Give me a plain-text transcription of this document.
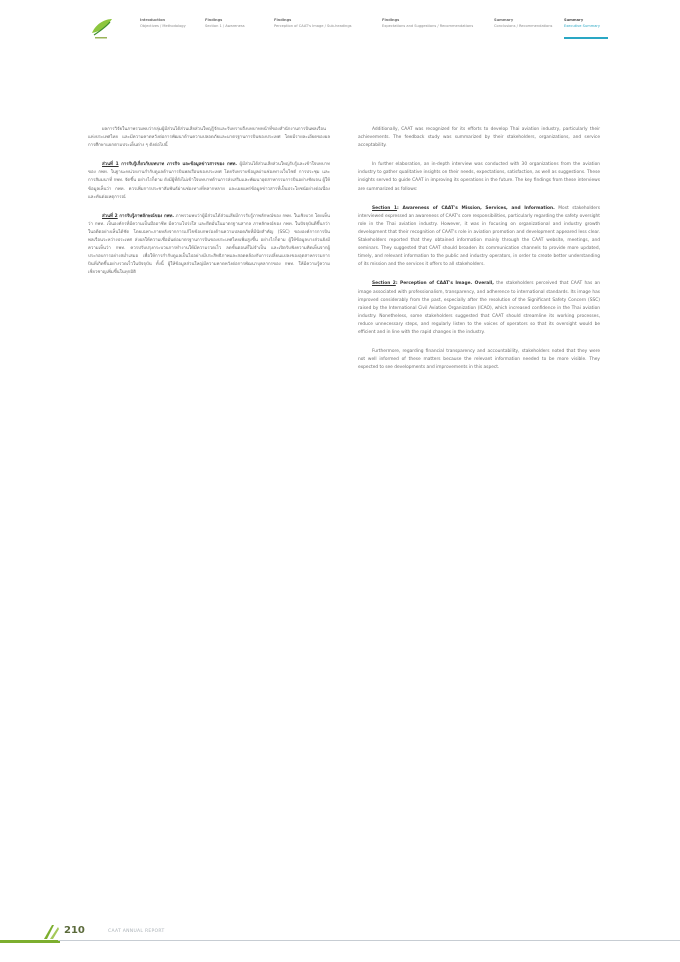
Introduction
Objectives / Methodology
Findings
Section 1 / Awareness
Findings
Perception of CAAT's Image / Sub-headings
Findings
Expectations and Suggestions / Recommendations
Summary
Conclusions / Recommendations
Summary
Executive Summary

ผลการวิจัยในภาพรวมพบว่ากลุ่มผู้มีส่วนได้ส่วนเสียส่วนใหญ่รู้จักและรับทราบถึงบทบาทหน้าที่ของสำนักงานการบินพลเรือนแห่งประเทศไทย และมีความคาดหวังต่อการพัฒนาด้านความปลอดภัยและมาตรฐานการบินของประเทศ โดยมีรายละเอียดของผลการศึกษาแยกตามประเด็นต่าง ๆ ดังต่อไปนี้

ส่วนที่ 1 การรับรู้เกี่ยวกับบทบาท ภารกิจ และข้อมูลข่าวสารของ กพท. ผู้มีส่วนได้ส่วนเสียส่วนใหญ่รับรู้และเข้าใจบทบาทของ กพท. ในฐานะหน่วยงานกำกับดูแลด้านการบินพลเรือนของประเทศ โดยรับทราบข้อมูลผ่านช่องทางเว็บไซต์ การประชุม และการสัมมนาที่ กพท. จัดขึ้น อย่างไรก็ตาม ยังมีผู้ที่ยังไม่เข้าใจบทบาทด้านการส่งเสริมและพัฒนาอุตสาหกรรมการบินอย่างชัดเจน ผู้ให้ข้อมูลเห็นว่า กพท. ควรเพิ่มการประชาสัมพันธ์ผ่านช่องทางที่หลากหลาย และเผยแพร่ข้อมูลข่าวสารที่เป็นประโยชน์อย่างต่อเนื่องและทันต่อเหตุการณ์

ส่วนที่ 2 การรับรู้ภาพลักษณ์ของ กพท. ภาพรวมพบว่าผู้มีส่วนได้ส่วนเสียมีการรับรู้ภาพลักษณ์ของ กพท. ในเชิงบวก โดยเห็นว่า กพท. เป็นองค์กรที่มีความเป็นมืออาชีพ มีความโปร่งใส และยึดมั่นในมาตรฐานสากล ภาพลักษณ์ของ กพท. ในปัจจุบันดีขึ้นกว่าในอดีตอย่างเห็นได้ชัด โดยเฉพาะภายหลังจากการแก้ไขข้อบกพร่องด้านความปลอดภัยที่มีนัยสำคัญ (SSC) ขององค์การการบินพลเรือนระหว่างประเทศ ส่งผลให้ความเชื่อมั่นต่อมาตรฐานการบินของประเทศไทยเพิ่มสูงขึ้น อย่างไรก็ตาม ผู้ให้ข้อมูลบางส่วนยังมีความเห็นว่า กพท. ควรปรับปรุงกระบวนการทำงานให้มีความรวดเร็ว ลดขั้นตอนที่ไม่จำเป็น และเปิดรับฟังความคิดเห็นจากผู้ประกอบการอย่างสม่ำเสมอ เพื่อให้การกำกับดูแลเป็นไปอย่างมีประสิทธิภาพและสอดคล้องกับการเปลี่ยนแปลงของอุตสาหกรรมการบินที่เกิดขึ้นอย่างรวดเร็วในปัจจุบัน ทั้งนี้ ผู้ให้ข้อมูลส่วนใหญ่มีความคาดหวังต่อการพัฒนาบุคลากรของ กพท. ให้มีความรู้ความเชี่ยวชาญเพิ่มขึ้นในทุกมิติ

Additionally, CAAT was recognized for its efforts to develop Thai aviation industry, particularly their achievements. The feedback study was summarized by their stakeholders, organizations, and service acceptability.

In further elaboration, an in-depth interview was conducted with 30 organizations from the aviation industry to gather qualitative insights on their needs, expectations, satisfaction, as well as suggestions. These insights served to guide CAAT in improving its operations in the future. The key findings from these interviews are summarized as follows:

Section 1: Awareness of CAAT's Mission, Services, and Information. Most stakeholders interviewed expressed an awareness of CAAT's core responsibilities, particularly regarding the safety oversight role in the Thai aviation industry. However, it was in focusing on organizational and industry growth development that their recognition of CAAT's role in aviation promotion and development appeared less clear. Stakeholders reported that they obtained information mainly through the CAAT website, meetings, and seminars. They suggested that CAAT should broaden its communication channels to provide more updated, timely, and relevant information to the public and industry operators, in order to create better understanding of its mission and the services it offers to all stakeholders.

Section 2: Perception of CAAT's Image. Overall, the stakeholders perceived that CAAT has an image associated with professionalism, transparency, and adherence to international standards. Its image has improved considerably from the past, especially after the resolution of the Significant Safety Concern (SSC) raised by the International Civil Aviation Organization (ICAO), which increased confidence in the Thai aviation industry. Nonetheless, some stakeholders suggested that CAAT should streamline its working processes, reduce unnecessary steps, and regularly listen to the voices of operators so that its oversight would be efficient and in line with the rapid changes in the industry.

Furthermore, regarding financial transparency and accountability, stakeholders noted that they were not well informed of these matters because the relevant information needed to be more visible. They expected to see developments and improvements in this aspect.

210	CAAT ANNUAL REPORT
